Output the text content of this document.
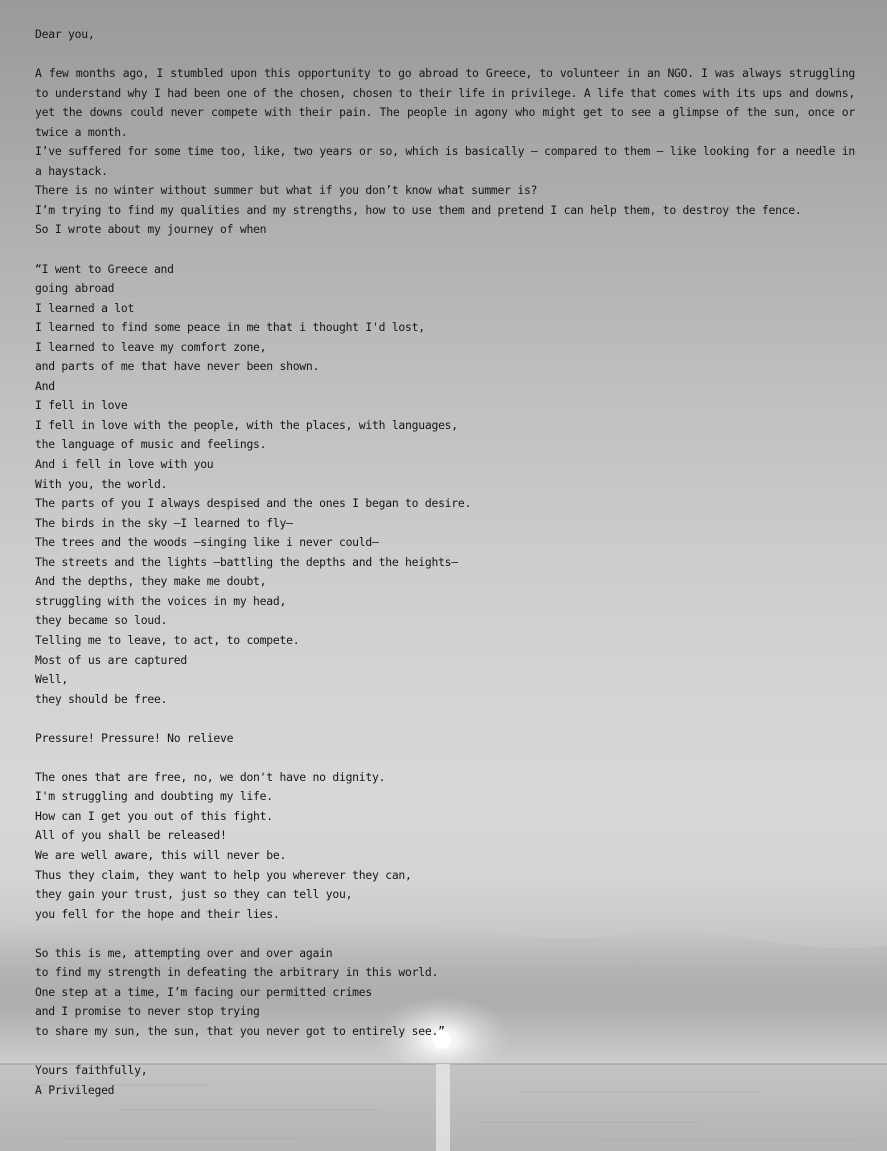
Dear you,

A few months ago, I stumbled upon this opportunity to go abroad to Greece, to volunteer in an NGO. I was always struggling to understand why I had been one of the chosen, chosen to their life in privilege. A life that comes with its ups and downs, yet the downs could never compete with their pain. The people in agony who might get to see a glimpse of the sun, once or twice a month.

I’ve suffered for some time too, like, two years or so, which is basically – compared to them – like looking for a needle in a haystack.

There is no winter without summer but what if you don’t know what summer is?

I’m trying to find my qualities and my strengths, how to use them and pretend I can help them, to destroy the fence.

So I wrote about my journey of when

“I went to Greece and

going abroad

I learned a lot

I learned to find some peace in me that i thought I'd lost,

I learned to leave my comfort zone,

and parts of me that have never been shown.

And

I fell in love

I fell in love with the people, with the places, with languages,

the language of music and feelings.

And i fell in love with you

With you, the world.

The parts of you I always despised and the ones I began to desire.

The birds in the sky –I learned to fly–

The trees and the woods –singing like i never could–

The streets and the lights –battling the depths and the heights–

And the depths, they make me doubt,

struggling with the voices in my head,

they became so loud.

Telling me to leave, to act, to compete.

Most of us are captured

Well,

they should be free.

Pressure! Pressure! No relieve

The ones that are free, no, we don't have no dignity.

I'm struggling and doubting my life.

How can I get you out of this fight.

All of you shall be released!

We are well aware, this will never be.

Thus they claim, they want to help you wherever they can,

they gain your trust, just so they can tell you,

you fell for the hope and their lies.

So this is me, attempting over and over again

to find my strength in defeating the arbitrary in this world.

One step at a time, I’m facing our permitted crimes

and I promise to never stop trying

to share my sun, the sun, that you never got to entirely see.”

Yours faithfully,

A Privileged
